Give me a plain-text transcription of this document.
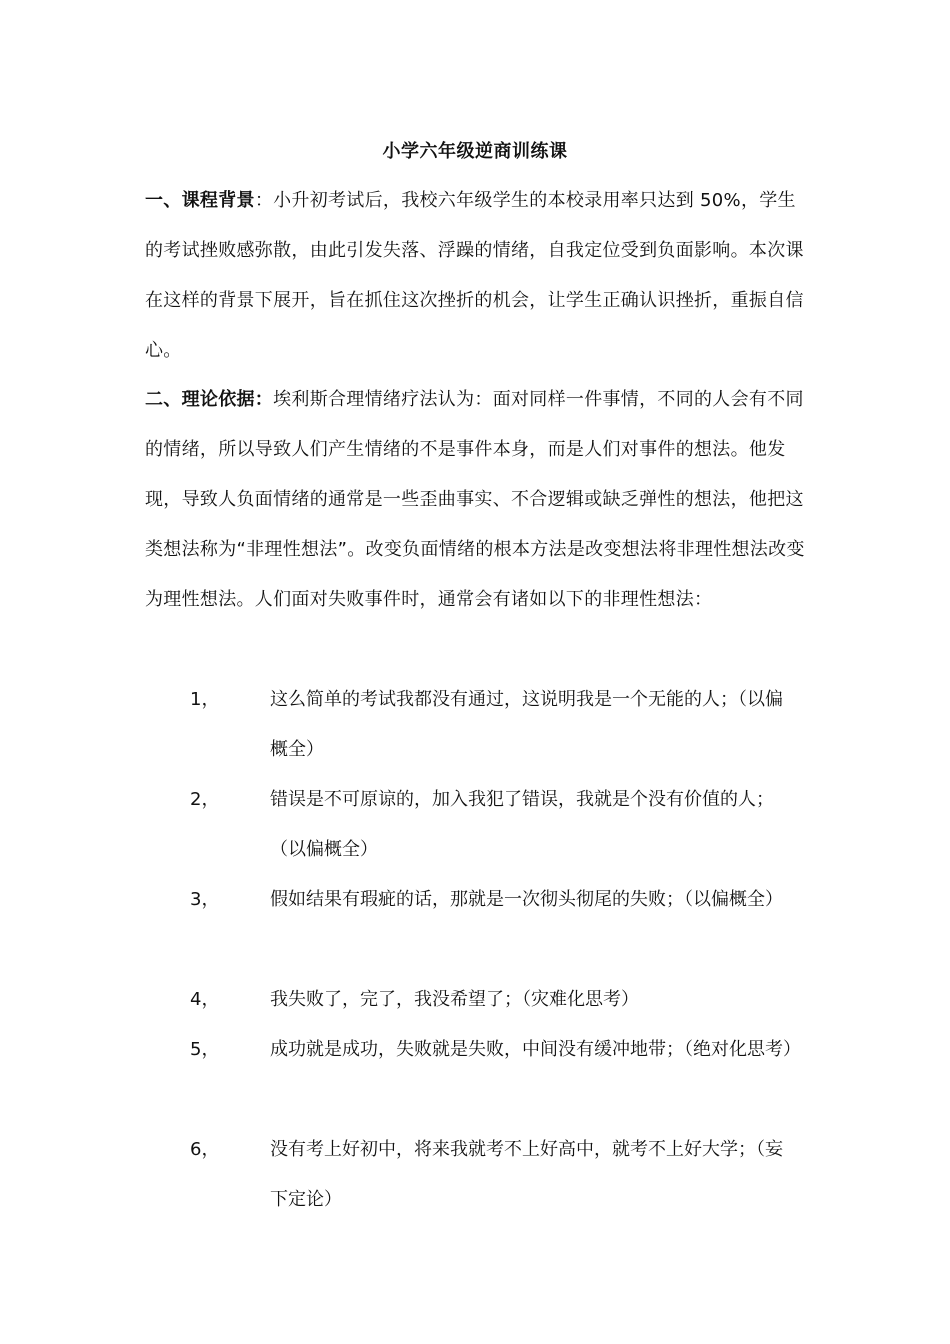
小学六年级逆商训练课
一、课程背景：小升初考试后，我校六年级学生的本校录用率只达到 50%，学生的考试挫败感弥散，由此引发失落、浮躁的情绪，自我定位受到负面影响。本次课在这样的背景下展开，旨在抓住这次挫折的机会，让学生正确认识挫折，重振自信心。
二、理论依据：埃利斯合理情绪疗法认为：面对同样一件事情，不同的人会有不同的情绪，所以导致人们产生情绪的不是事件本身，而是人们对事件的想法。他发现，导致人负面情绪的通常是一些歪曲事实、不合逻辑或缺乏弹性的想法，他把这类想法称为“非理性想法”。改变负面情绪的根本方法是改变想法将非理性想法改变为理性想法。人们面对失败事件时，通常会有诸如以下的非理性想法：
1，	这么简单的考试我都没有通过，这说明我是一个无能的人；（以偏概全）
2，	错误是不可原谅的，加入我犯了错误，我就是个没有价值的人；（以偏概全）
3，	假如结果有瑕疵的话，那就是一次彻头彻尾的失败；（以偏概全）
4，	我失败了，完了，我没希望了；（灾难化思考）
5，	成功就是成功，失败就是失败，中间没有缓冲地带；（绝对化思考）
6，	没有考上好初中，将来我就考不上好高中，就考不上好大学；（妄下定论）
